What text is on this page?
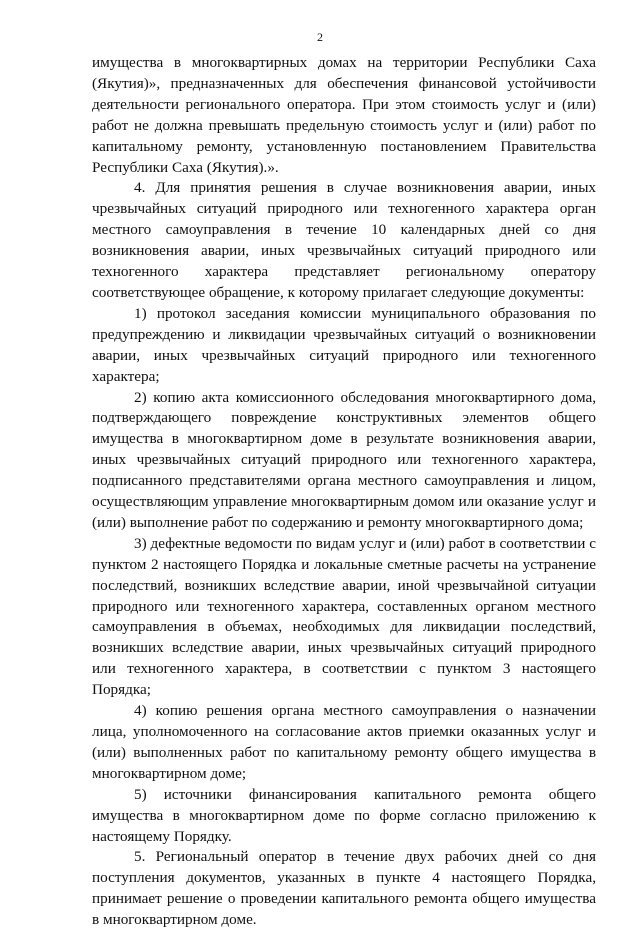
2

имущества в многоквартирных домах на территории Республики Саха (Якутия)», предназначенных для обеспечения финансовой устойчивости деятельности регионального оператора. При этом стоимость услуг и (или) работ не должна превышать предельную стоимость услуг и (или) работ по капитальному ремонту, установленную постановлением Правительства Республики Саха (Якутия).».

4. Для принятия решения в случае возникновения аварии, иных чрезвычайных ситуаций природного или техногенного характера орган местного самоуправления в течение 10 календарных дней со дня возникновения аварии, иных чрезвычайных ситуаций природного или техногенного характера представляет региональному оператору соответствующее обращение, к которому прилагает следующие документы:

1) протокол заседания комиссии муниципального образования по предупреждению и ликвидации чрезвычайных ситуаций о возникновении аварии, иных чрезвычайных ситуаций природного или техногенного характера;

2) копию акта комиссионного обследования многоквартирного дома, подтверждающего повреждение конструктивных элементов общего имущества в многоквартирном доме в результате возникновения аварии, иных чрезвычайных ситуаций природного или техногенного характера, подписанного представителями органа местного самоуправления и лицом, осуществляющим управление многоквартирным домом или оказание услуг и (или) выполнение работ по содержанию и ремонту многоквартирного дома;

3) дефектные ведомости по видам услуг и (или) работ в соответствии с пунктом 2 настоящего Порядка и локальные сметные расчеты на устранение последствий, возникших вследствие аварии, иной чрезвычайной ситуации природного или техногенного характера, составленных органом местного самоуправления в объемах, необходимых для ликвидации последствий, возникших вследствие аварии, иных чрезвычайных ситуаций природного или техногенного характера, в соответствии с пунктом 3 настоящего Порядка;

4) копию решения органа местного самоуправления о назначении лица, уполномоченного на согласование актов приемки оказанных услуг и (или) выполненных работ по капитальному ремонту общего имущества в многоквартирном доме;

5) источники финансирования капитального ремонта общего имущества в многоквартирном доме по форме согласно приложению к настоящему Порядку.

5. Региональный оператор в течение двух рабочих дней со дня поступления документов, указанных в пункте 4 настоящего Порядка, принимает решение о проведении капитального ремонта общего имущества в многоквартирном доме.
